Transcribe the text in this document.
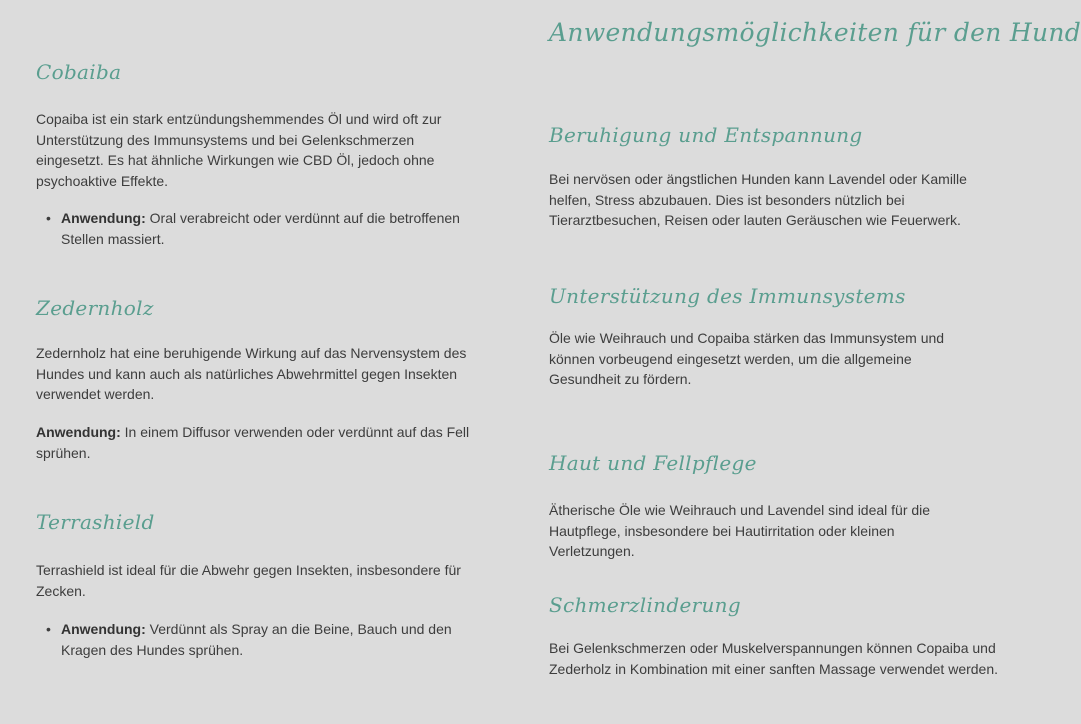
Cobaiba

Copaiba ist ein stark entzündungshemmendes Öl und wird oft zur Unterstützung des Immunsystems und bei Gelenkschmerzen eingesetzt. Es hat ähnliche Wirkungen wie CBD Öl, jedoch ohne psychoaktive Effekte.

• Anwendung: Oral verabreicht oder verdünnt auf die betroffenen Stellen massiert.

Zedernholz

Zedernholz hat eine beruhigende Wirkung auf das Nervensystem des Hundes und kann auch als natürliches Abwehrmittel gegen Insekten verwendet werden.

Anwendung: In einem Diffusor verwenden oder verdünnt auf das Fell sprühen.

Terrashield

Terrashield ist ideal für die Abwehr gegen Insekten, insbesondere für Zecken.

• Anwendung: Verdünnt als Spray an die Beine, Bauch und den Kragen des Hundes sprühen.

Anwendungsmöglichkeiten für den Hund
Beruhigung und Entspannung

Bei nervösen oder ängstlichen Hunden kann Lavendel oder Kamille helfen, Stress abzubauen. Dies ist besonders nützlich bei Tierarztbesuchen, Reisen oder lauten Geräuschen wie Feuerwerk.

Unterstützung des Immunsystems

Öle wie Weihrauch und Copaiba stärken das Immunsystem und können vorbeugend eingesetzt werden, um die allgemeine Gesundheit zu fördern.

Haut und Fellpflege

Ätherische Öle wie Weihrauch und Lavendel sind ideal für die Hautpflege, insbesondere bei Hautirritation oder kleinen Verletzungen.

Schmerzlinderung

Bei Gelenkschmerzen oder Muskelverspannungen können Copaiba und Zederholz in Kombination mit einer sanften Massage verwendet werden.
